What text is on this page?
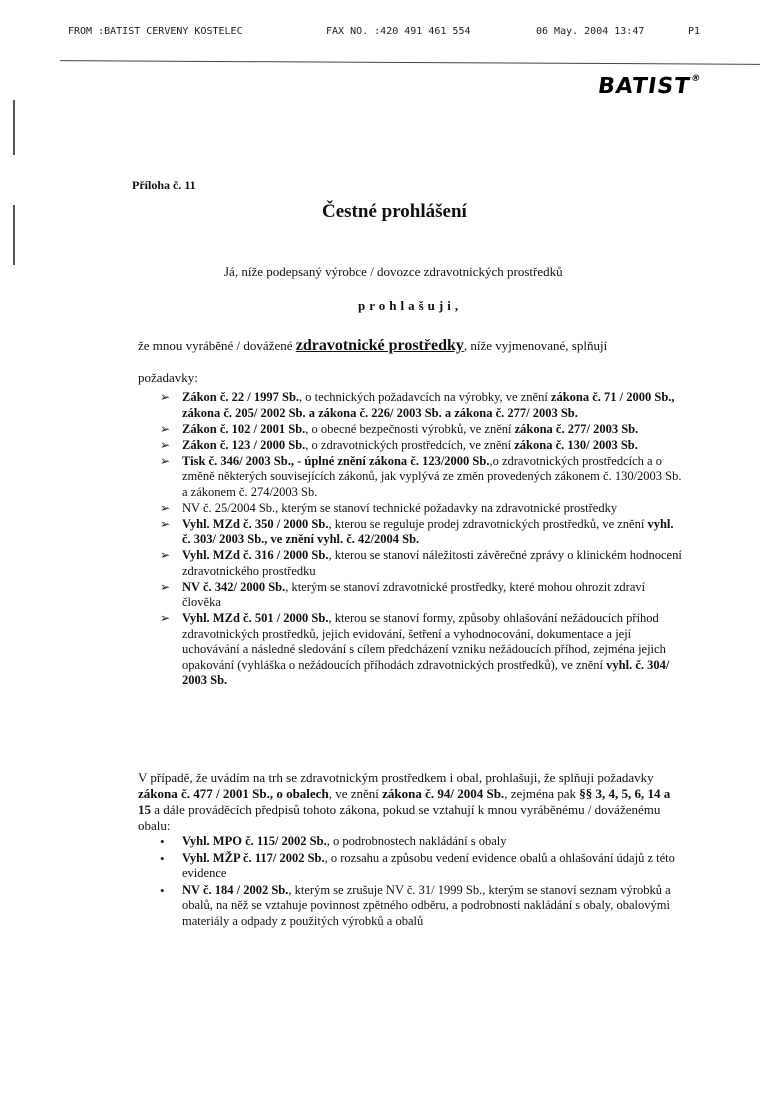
FROM :BATIST CERVENY KOSTELEC	FAX NO. :420 491 461 554	06 May. 2004 13:47	P1
BATIST®
Příloha č. 11
Čestné prohlášení
Já, níže podepsaný výrobce / dovozce zdravotnických prostředků
prohlašuji,
že mnou vyráběné / dovážené zdravotnické prostředky, níže vyjmenované, splňují
požadavky:
➢ Zákon č. 22 / 1997 Sb., o technických požadavcích na výrobky, ve znění zákona č. 71 / 2000 Sb., zákona č. 205/ 2002 Sb. a zákona č. 226/ 2003 Sb. a zákona č. 277/ 2003 Sb.
➢ Zákon č. 102 / 2001 Sb., o obecné bezpečnosti výrobků, ve znění zákona č. 277/ 2003 Sb.
➢ Zákon č. 123 / 2000 Sb., o zdravotnických prostředcích, ve znění zákona č. 130/ 2003 Sb.
➢ Tisk č. 346/ 2003 Sb., - úplné znění zákona č. 123/2000 Sb.,o zdravotnických prostředcích a o změně některých souvisejících zákonů, jak vyplývá ze změn provedených zákonem č. 130/2003 Sb. a zákonem č. 274/2003 Sb.
➢ NV č. 25/2004 Sb., kterým se stanoví technické požadavky na zdravotnické prostředky
➢ Vyhl. MZd č. 350 / 2000 Sb., kterou se reguluje prodej zdravotnických prostředků, ve znění vyhl. č. 303/ 2003 Sb., ve znění vyhl. č. 42/2004 Sb.
➢ Vyhl. MZd č. 316 / 2000 Sb., kterou se stanoví náležitosti závěrečné zprávy o klinickém hodnocení zdravotnického prostředku
➢ NV č. 342/ 2000 Sb., kterým se stanoví zdravotnické prostředky, které mohou ohrozit zdraví člověka
➢ Vyhl. MZd č. 501 / 2000 Sb., kterou se stanoví formy, způsoby ohlašování nežádoucích příhod zdravotnických prostředků, jejich evidování, šetření a vyhodnocování, dokumentace a její uchovávání a následné sledování s cílem předcházení vzniku nežádoucích příhod, zejména jejich opakování (vyhláška o nežádoucích příhodách zdravotnických prostředků), ve znění vyhl. č. 304/ 2003 Sb.
V případě, že uvádím na trh se zdravotnickým prostředkem i obal, prohlašuji, že splňuji požadavky zákona č. 477 / 2001 Sb., o obalech, ve znění zákona č. 94/ 2004 Sb., zejména pak §§ 3, 4, 5, 6, 14 a 15 a dále prováděcích předpisů tohoto zákona, pokud se vztahují k mnou vyráběnému / dováženému obalu:
• Vyhl. MPO č. 115/ 2002 Sb., o podrobnostech nakládání s obaly
• Vyhl. MŽP č. 117/ 2002 Sb., o rozsahu a způsobu vedení evidence obalů a ohlašování údajů z této evidence
• NV č. 184 / 2002 Sb., kterým se zrušuje NV č. 31/ 1999 Sb., kterým se stanoví seznam výrobků a obalů, na něž se vztahuje povinnost zpětného odběru, a podrobnosti nakládání s obaly, obalovými materiály a odpady z použitých výrobků a obalů
